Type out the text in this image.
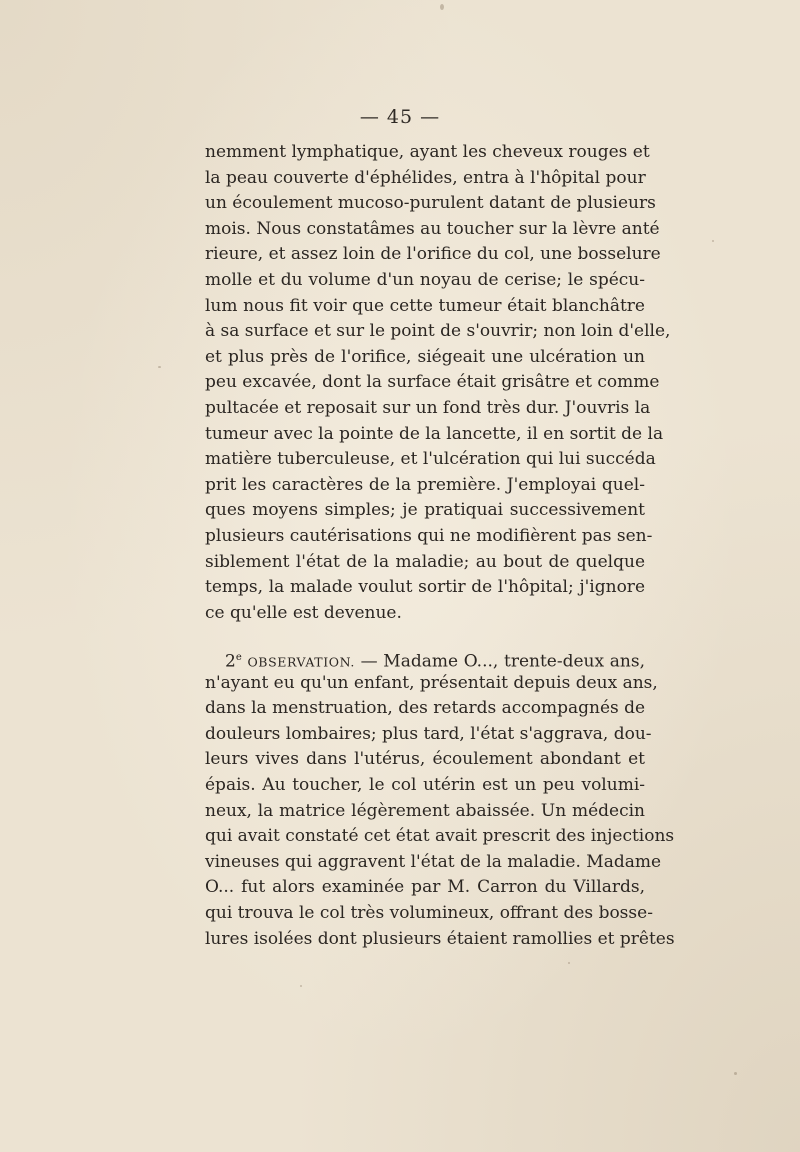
— 45 —
nemment lymphatique, ayant les cheveux rouges et
la peau couverte d'éphélides, entra à l'hôpital pour
un écoulement mucoso-purulent datant de plusieurs
mois. Nous constatâmes au toucher sur la lèvre anté
rieure, et assez loin de l'orifice du col, une bosselure
molle et du volume d'un noyau de cerise; le spécu-
lum nous fit voir que cette tumeur était blanchâtre
à sa surface et sur le point de s'ouvrir; non loin d'elle,
et plus près de l'orifice, siégeait une ulcération un
peu excavée, dont la surface était grisâtre et comme
pultacée et reposait sur un fond très dur. J'ouvris la
tumeur avec la pointe de la lancette, il en sortit de la
matière tuberculeuse, et l'ulcération qui lui succéda
prit les caractères de la première. J'employai quel-
ques moyens simples; je pratiquai successivement
plusieurs cautérisations qui ne modifièrent pas sen-
siblement l'état de la maladie; au bout de quelque
temps, la malade voulut sortir de l'hôpital; j'ignore
ce qu'elle est devenue.
2e OBSERVATION. — Madame O..., trente-deux ans,
n'ayant eu qu'un enfant, présentait depuis deux ans,
dans la menstruation, des retards accompagnés de
douleurs lombaires; plus tard, l'état s'aggrava, dou-
leurs vives dans l'utérus, écoulement abondant et
épais. Au toucher, le col utérin est un peu volumi-
neux, la matrice légèrement abaissée. Un médecin
qui avait constaté cet état avait prescrit des injections
vineuses qui aggravent l'état de la maladie. Madame
O... fut alors examinée par M. Carron du Villards,
qui trouva le col très volumineux, offrant des bosse-
lures isolées dont plusieurs étaient ramollies et prêtes
